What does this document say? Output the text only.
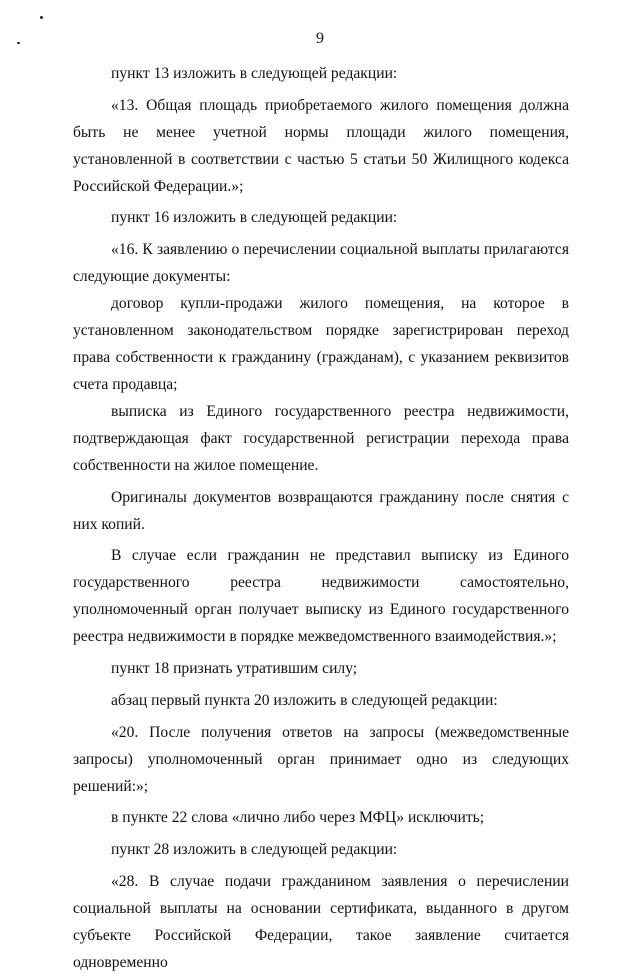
9

пункт 13 изложить в следующей редакции:

«13. Общая площадь приобретаемого жилого помещения должна быть не менее учетной нормы площади жилого помещения, установленной в соответствии с частью 5 статьи 50 Жилищного кодекса Российской Федерации.»;

пункт 16 изложить в следующей редакции:

«16. К заявлению о перечислении социальной выплаты прилагаются следующие документы:

договор купли-продажи жилого помещения, на которое в установленном законодательством порядке зарегистрирован переход права собственности к гражданину (гражданам), с указанием реквизитов счета продавца;

выписка из Единого государственного реестра недвижимости, подтверждающая факт государственной регистрации перехода права собственности на жилое помещение.

Оригиналы документов возвращаются гражданину после снятия с них копий.

В случае если гражданин не представил выписку из Единого государственного реестра недвижимости самостоятельно, уполномоченный орган получает выписку из Единого государственного реестра недвижимости в порядке межведомственного взаимодействия.»;

пункт 18 признать утратившим силу;

абзац первый пункта 20 изложить в следующей редакции:

«20. После получения ответов на запросы (межведомственные запросы) уполномоченный орган принимает одно из следующих решений:»;

в пункте 22 слова «лично либо через МФЦ» исключить;

пункт 28 изложить в следующей редакции:

«28. В случае подачи гражданином заявления о перечислении социальной выплаты на основании сертификата, выданного в другом субъекте Российской Федерации, такое заявление считается одновременно
